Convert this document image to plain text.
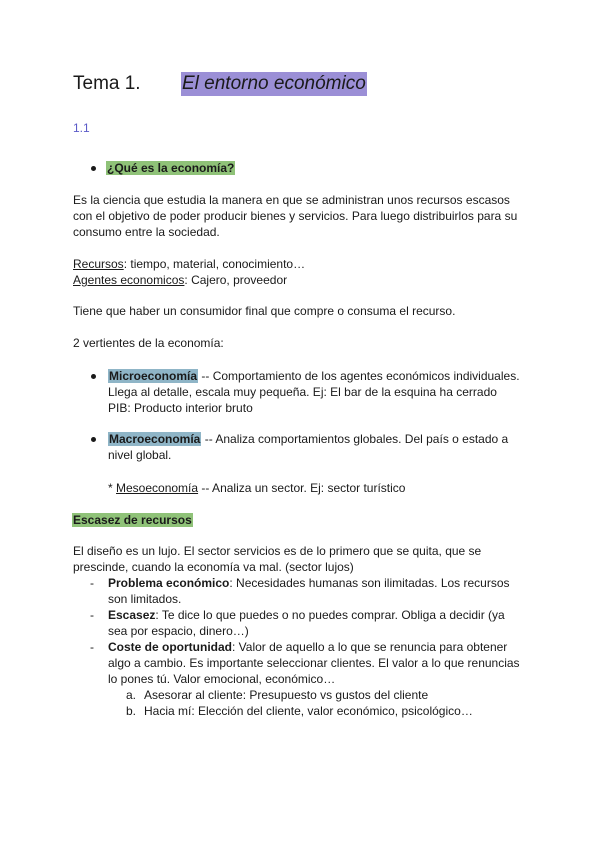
Tema 1. El entorno económico
1.1
¿Qué es la economía?
Es la ciencia que estudia la manera en que se administran unos recursos escasos
con el objetivo de poder producir bienes y servicios. Para luego distribuirlos para su
consumo entre la sociedad.
Recursos: tiempo, material, conocimiento…
Agentes economicos: Cajero, proveedor
Tiene que haber un consumidor final que compre o consuma el recurso.
2 vertientes de la economía:
Microeconomía -- Comportamiento de los agentes económicos individuales.
Llega al detalle, escala muy pequeña. Ej: El bar de la esquina ha cerrado
PIB: Producto interior bruto
Macroeconomía -- Analiza comportamientos globales. Del país o estado a
nivel global.
* Mesoeconomía -- Analiza un sector. Ej: sector turístico
Escasez de recursos
El diseño es un lujo. El sector servicios es de lo primero que se quita, que se
prescinde, cuando la economía va mal. (sector lujos)
- Problema económico: Necesidades humanas son ilimitadas. Los recursos
son limitados.
- Escasez: Te dice lo que puedes o no puedes comprar. Obliga a decidir (ya
sea por espacio, dinero…)
- Coste de oportunidad: Valor de aquello a lo que se renuncia para obtener
algo a cambio. Es importante seleccionar clientes. El valor a lo que renuncias
lo pones tú. Valor emocional, económico…
a. Asesorar al cliente: Presupuesto vs gustos del cliente
b. Hacia mí: Elección del cliente, valor económico, psicológico…
